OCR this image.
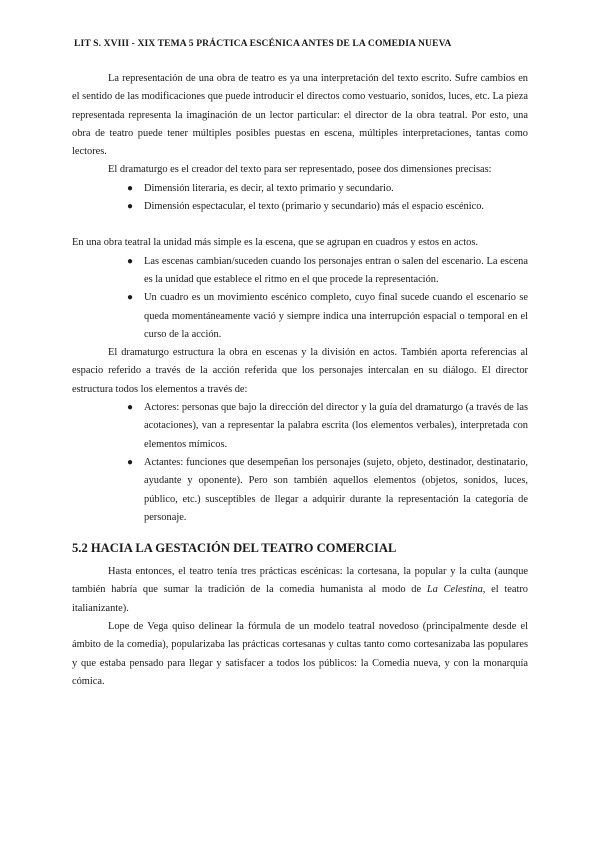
LIT S. XVIII - XIX TEMA 5 PRÁCTICA ESCÉNICA ANTES DE LA COMEDIA NUEVA

La representación de una obra de teatro es ya una interpretación del texto escrito. Sufre cambios en el sentido de las modificaciones que puede introducir el directos como vestuario, sonidos, luces, etc. La pieza representada representa la imaginación de un lector particular: el director de la obra teatral. Por esto, una obra de teatro puede tener múltiples posibles puestas en escena, múltiples interpretaciones, tantas como lectores.

El dramaturgo es el creador del texto para ser representado, posee dos dimensiones precisas:

● Dimensión literaria, es decir, al texto primario y secundario.
● Dimensión espectacular, el texto (primario y secundario) más el espacio escénico.

En una obra teatral la unidad más simple es la escena, que se agrupan en cuadros y estos en actos.

● Las escenas cambian/suceden cuando los personajes entran o salen del escenario. La escena es la unidad que establece el ritmo en el que procede la representación.
● Un cuadro es un movimiento escénico completo, cuyo final sucede cuando el escenario se queda momentáneamente vació y siempre indica una interrupción espacial o temporal en el curso de la acción.

El dramaturgo estructura la obra en escenas y la división en actos. También aporta referencias al espacio referido a través de la acción referida que los personajes intercalan en su diálogo. El director estructura todos los elementos a través de:

● Actores: personas que bajo la dirección del director y la guía del dramaturgo (a través de las acotaciones), van a representar la palabra escrita (los elementos verbales), interpretada con elementos mímicos.
● Actantes: funciones que desempeñan los personajes (sujeto, objeto, destinador, destinatario, ayudante y oponente). Pero son también aquellos elementos (objetos, sonidos, luces, público, etc.) susceptibles de llegar a adquirir durante la representación la categoría de personaje.
5.2 HACIA LA GESTACIÓN DEL TEATRO COMERCIAL

Hasta entonces, el teatro tenía tres prácticas escénicas: la cortesana, la popular y la culta (aunque también habría que sumar la tradición de la comedia humanista al modo de La Celestina, el teatro italianizante).

Lope de Vega quiso delinear la fórmula de un modelo teatral novedoso (principalmente desde el ámbito de la comedia), popularizaba las prácticas cortesanas y cultas tanto como cortesanizaba las populares y que estaba pensado para llegar y satisfacer a todos los públicos: la Comedia nueva, y con la monarquía cómica.
